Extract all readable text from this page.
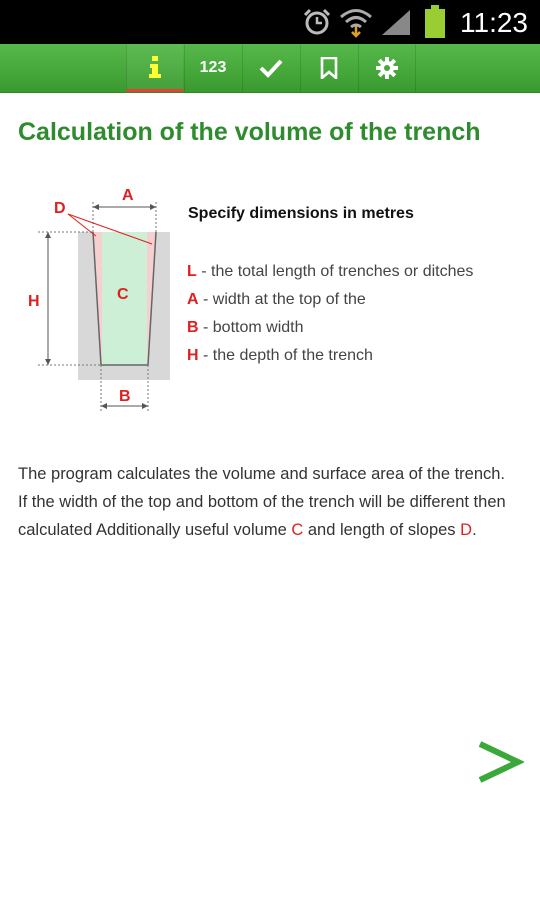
11:23
123
Calculation of the volume of the trench
A
D
H	C
B
Specify dimensions in metres
L - the total length of trenches or ditches
A - width at the top of the
B - bottom width
H - the depth of the trench
The program calculates the volume and surface area of the trench.
If the width of the top and bottom of the trench will be different then calculated Additionally useful volume C and length of slopes D.
